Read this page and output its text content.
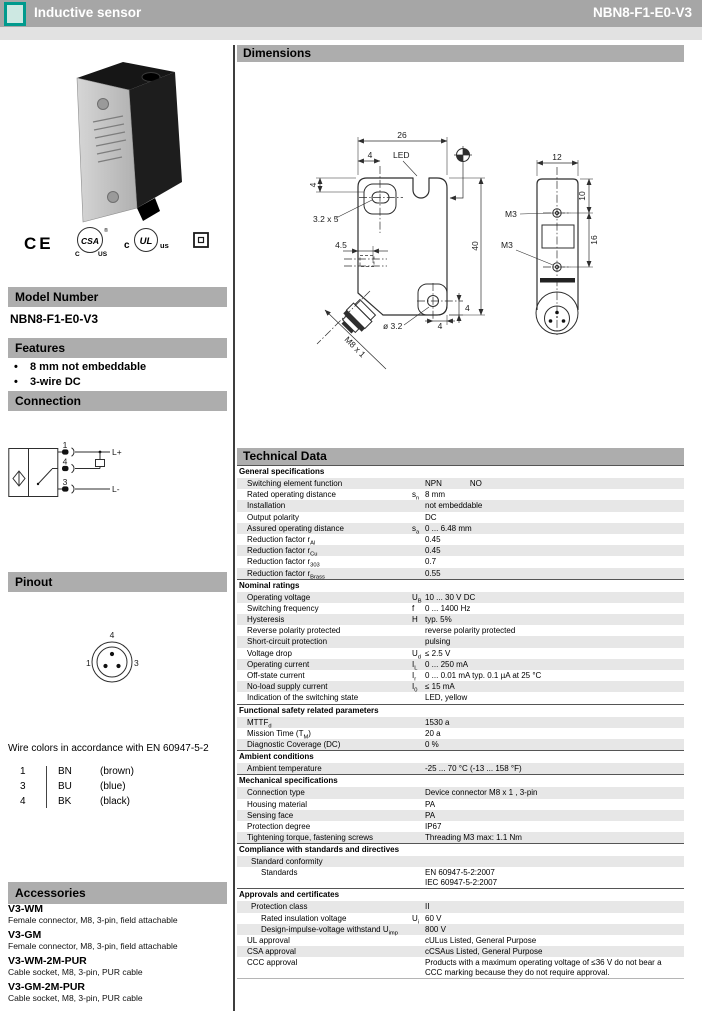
Inductive sensor	NBN8-F1-E0-V3
CE	CSA
®
C	US
c UL us
Model Number
NBN8-F1-E0-V3
Features
•	8 mm not embeddable
•	3-wire DC
Connection
1
4
3
L+
L-
Pinout
4
1	3
Wire colors in accordance with EN 60947-5-2
1	BN	(brown)
3	BU	(blue)
4	BK	(black)
Accessories
V3-WM
Female connector, M8, 3-pin, field attachable
V3-GM
Female connector, M8, 3-pin, field attachable
V3-WM-2M-PUR
Cable socket, M8, 3-pin, PUR cable
V3-GM-2M-PUR
Cable socket, M8, 3-pin, PUR cable
Dimensions
M8 x 1
26
4 LED
4
3.2 x 5
4.5	40
ø 3.2	4
4
12
10
16
M3
M3
Technical Data
General specifications
Switching element function	NPN	NO
Rated operating distance	$s_n$ 8 mm
Installation	not embeddable
Output polarity	DC
Assured operating distance	$s_a$ 0 ... 6.48 mm
Reduction factor $r_{Al}$	0.45
Reduction factor $r_{Cu}$	0.45
Reduction factor $r_{303}$	0.7
Reduction factor $r_{Brass}$	0.55
Nominal ratings
Operating voltage	$U_B$ 10 ... 30 V DC
Switching frequency	f	0 ... 1400 Hz
Hysteresis	H typ. 5%
Reverse polarity protected	reverse polarity protected
Short-circuit protection	pulsing
Voltage drop	$U_d \le 2.5$ V
Operating current	$I_L$ 0 ... 250 mA
Off-state current	$I_r$	0 ... 0.01 mA typ. 0.1 µA at 25 °C
No-load supply current	$I_0 \le 15$ mA
Indication of the switching state	LED, yellow
Functional safety related parameters
$MTTF_d$	1530 a
Mission Time $(T_M)$	20 a
Diagnostic Coverage (DC)	0 %
Ambient conditions
Ambient temperature	-25 ... 70 °C (-13 ... 158 °F)
Mechanical specifications
Connection type	Device connector M8 x 1 , 3-pin
Housing material	PA
Sensing face	PA
Protection degree	IP67
Tightening torque, fastening screws	Threading M3 max: 1.1 Nm
Compliance with standards and directives
Standard conformity
Standards	EN 60947-5-2:2007
IEC 60947-5-2:2007
Approvals and certificates
Protection class	II
Rated insulation voltage	$U_i$ 60 V
Design-impulse-voltage withstand $U_{imp}$	800 V
UL approval	cULus Listed, General Purpose
CSA approval	cCSAus Listed, General Purpose
CCC approval	Products with a maximum operating voltage of ≤36 V do not bear a
CCC marking because they do not require approval.
